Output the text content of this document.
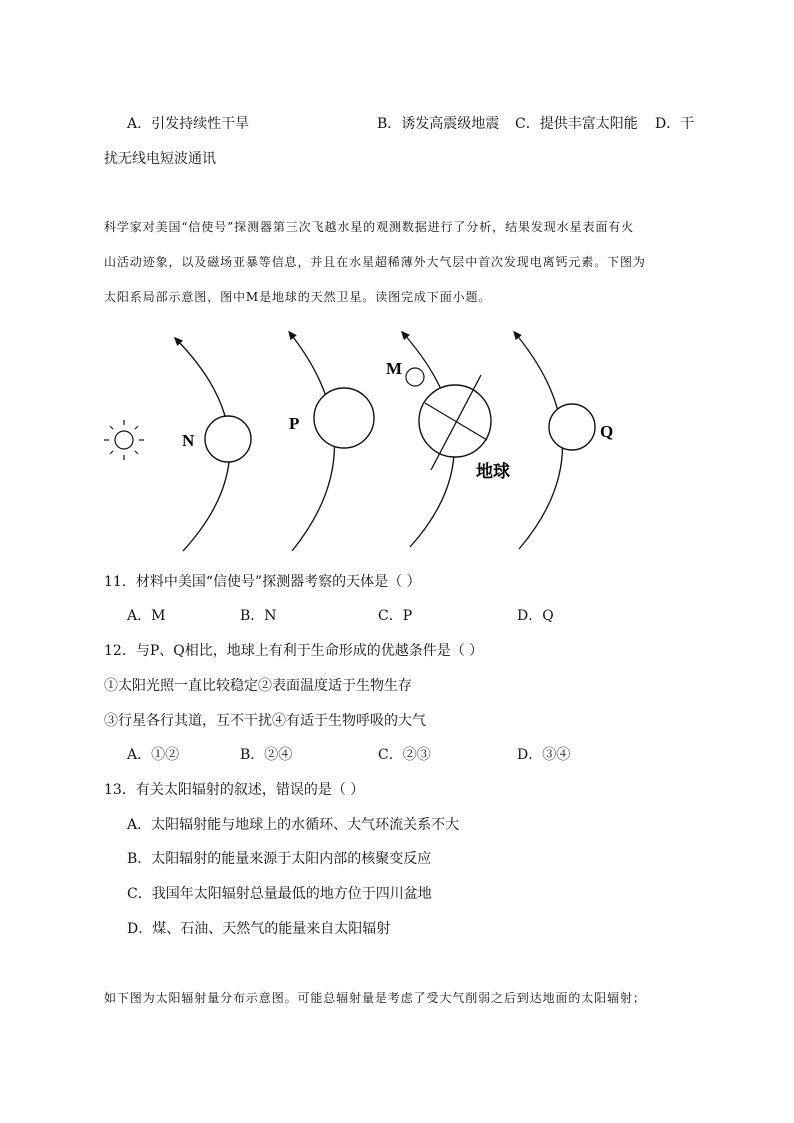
A．引发持续性干旱	B．诱发高震级地震 C．提供丰富太阳能 D．干
扰无线电短波通讯
科学家对美国“信使号”探测器第三次飞越水星的观测数据进行了分析，结果发现水星表面有火
山活动迹象，以及磁场亚暴等信息，并且在水星超稀薄外大气层中首次发现电离钙元素。下图为
太阳系局部示意图，图中M是地球的天然卫星。读图完成下面小题。
N
P
M
Q
地球
11．材料中美国“信使号”探测器考察的天体是（ ）
A．M	B．N	C．P	D．Q
12．与P、Q相比，地球上有利于生命形成的优越条件是（ ）
①太阳光照一直比较稳定②表面温度适于生物生存
③行星各行其道，互不干扰④有适于生物呼吸的大气
A．①②	B．②④	C．②③	D．③④
13．有关太阳辐射的叙述，错误的是（ ）
A．太阳辐射能与地球上的水循环、大气环流关系不大
B．太阳辐射的能量来源于太阳内部的核聚变反应
C．我国年太阳辐射总量最低的地方位于四川盆地
D．煤、石油、天然气的能量来自太阳辐射
如下图为太阳辐射量分布示意图。可能总辐射量是考虑了受大气削弱之后到达地面的太阳辐射；
